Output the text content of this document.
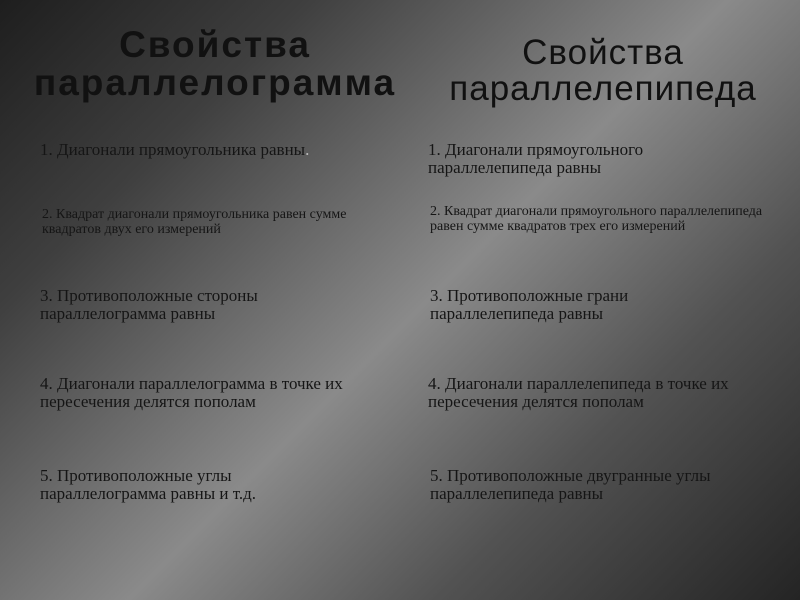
Свойства
параллелограмма
Свойства
параллелепипеда

1. Диагонали прямоугольника равны.

2. Квадрат диагонали прямоугольника равен сумме квадратов двух его измерений

3. Противоположные стороны параллелограмма равны

4. Диагонали параллелограмма в точке их пересечения делятся пополам

5. Противоположные углы параллелограмма равны и т.д.

1. Диагонали прямоугольного параллелепипеда равны

2. Квадрат диагонали прямоугольного параллелепипеда равен сумме квадратов трех его измерений

3. Противоположные грани параллелепипеда равны

4. Диагонали параллелепипеда в точке их пересечения делятся пополам

5. Противоположные двугранные углы параллелепипеда равны
